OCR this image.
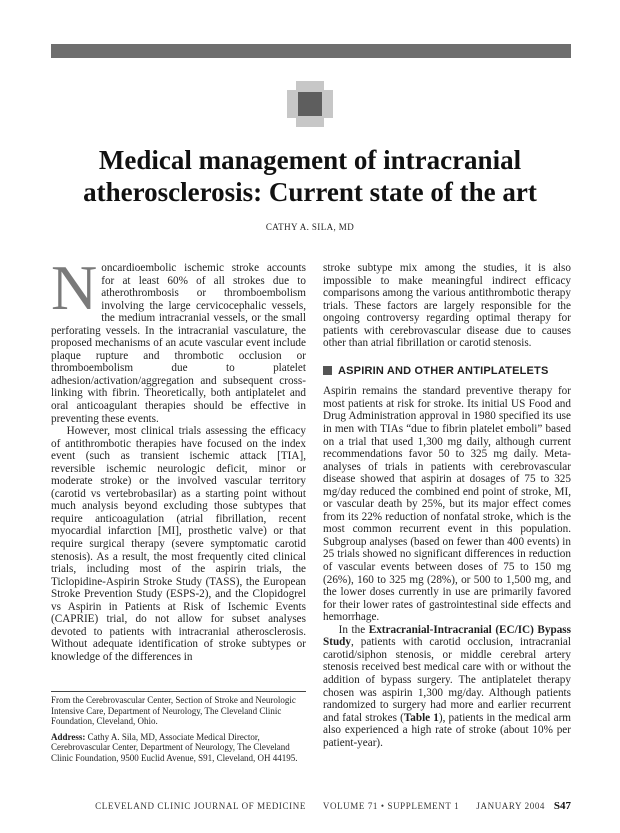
Medical management of intracranial atherosclerosis: Current state of the art
CATHY A. SILA, MD

Noncardioembolic ischemic stroke accounts for at least 60% of all strokes due to atherothrombosis or thromboembolism involving the large cervicocephalic vessels, the medium intracranial vessels, or the small perforating vessels. In the intracranial vasculature, the proposed mechanisms of an acute vascular event include plaque rupture and thrombotic occlusion or thromboembolism due to platelet adhesion/activation/aggregation and subsequent cross-linking with fibrin. Theoretically, both antiplatelet and oral anticoagulant therapies should be effective in preventing these events.

However, most clinical trials assessing the efficacy of antithrombotic therapies have focused on the index event (such as transient ischemic attack [TIA], reversible ischemic neurologic deficit, minor or moderate stroke) or the involved vascular territory (carotid vs vertebrobasilar) as a starting point without much analysis beyond excluding those subtypes that require anticoagulation (atrial fibrillation, recent myocardial infarction [MI], prosthetic valve) or that require surgical therapy (severe symptomatic carotid stenosis). As a result, the most frequently cited clinical trials, including most of the aspirin trials, the Ticlopidine-Aspirin Stroke Study (TASS), the European Stroke Prevention Study (ESPS-2), and the Clopidogrel vs Aspirin in Patients at Risk of Ischemic Events (CAPRIE) trial, do not allow for subset analyses devoted to patients with intracranial atherosclerosis. Without adequate identification of stroke subtypes or knowledge of the differences in

stroke subtype mix among the studies, it is also impossible to make meaningful indirect efficacy comparisons among the various antithrombotic therapy trials. These factors are largely responsible for the ongoing controversy regarding optimal therapy for patients with cerebrovascular disease due to causes other than atrial fibrillation or carotid stenosis.

ASPIRIN AND OTHER ANTIPLATELETS

Aspirin remains the standard preventive therapy for most patients at risk for stroke. Its initial US Food and Drug Administration approval in 1980 specified its use in men with TIAs “due to fibrin platelet emboli” based on a trial that used 1,300 mg daily, although current recommendations favor 50 to 325 mg daily. Meta-analyses of trials in patients with cerebrovascular disease showed that aspirin at dosages of 75 to 325 mg/day reduced the combined end point of stroke, MI, or vascular death by 25%, but its major effect comes from its 22% reduction of nonfatal stroke, which is the most common recurrent event in this population. Subgroup analyses (based on fewer than 400 events) in 25 trials showed no significant differences in reduction of vascular events between doses of 75 to 150 mg (26%), 160 to 325 mg (28%), or 500 to 1,500 mg, and the lower doses currently in use are primarily favored for their lower rates of gastrointestinal side effects and hemorrhage.

In the Extracranial-Intracranial (EC/IC) Bypass Study, patients with carotid occlusion, intracranial carotid/siphon stenosis, or middle cerebral artery stenosis received best medical care with or without the addition of bypass surgery. The antiplatelet therapy chosen was aspirin 1,300 mg/day. Although patients randomized to surgery had more and earlier recurrent and fatal strokes (Table 1), patients in the medical arm also experienced a high rate of stroke (about 10% per patient-year).

From the Cerebrovascular Center, Section of Stroke and Neurologic Intensive Care, Department of Neurology, The Cleveland Clinic Foundation, Cleveland, Ohio.

Address: Cathy A. Sila, MD, Associate Medical Director, Cerebrovascular Center, Department of Neurology, The Cleveland Clinic Foundation, 9500 Euclid Avenue, S91, Cleveland, OH 44195.

CLEVELAND CLINIC JOURNAL OF MEDICINE VOLUME 71 • SUPPLEMENT 1 JANUARY 2004 S47
